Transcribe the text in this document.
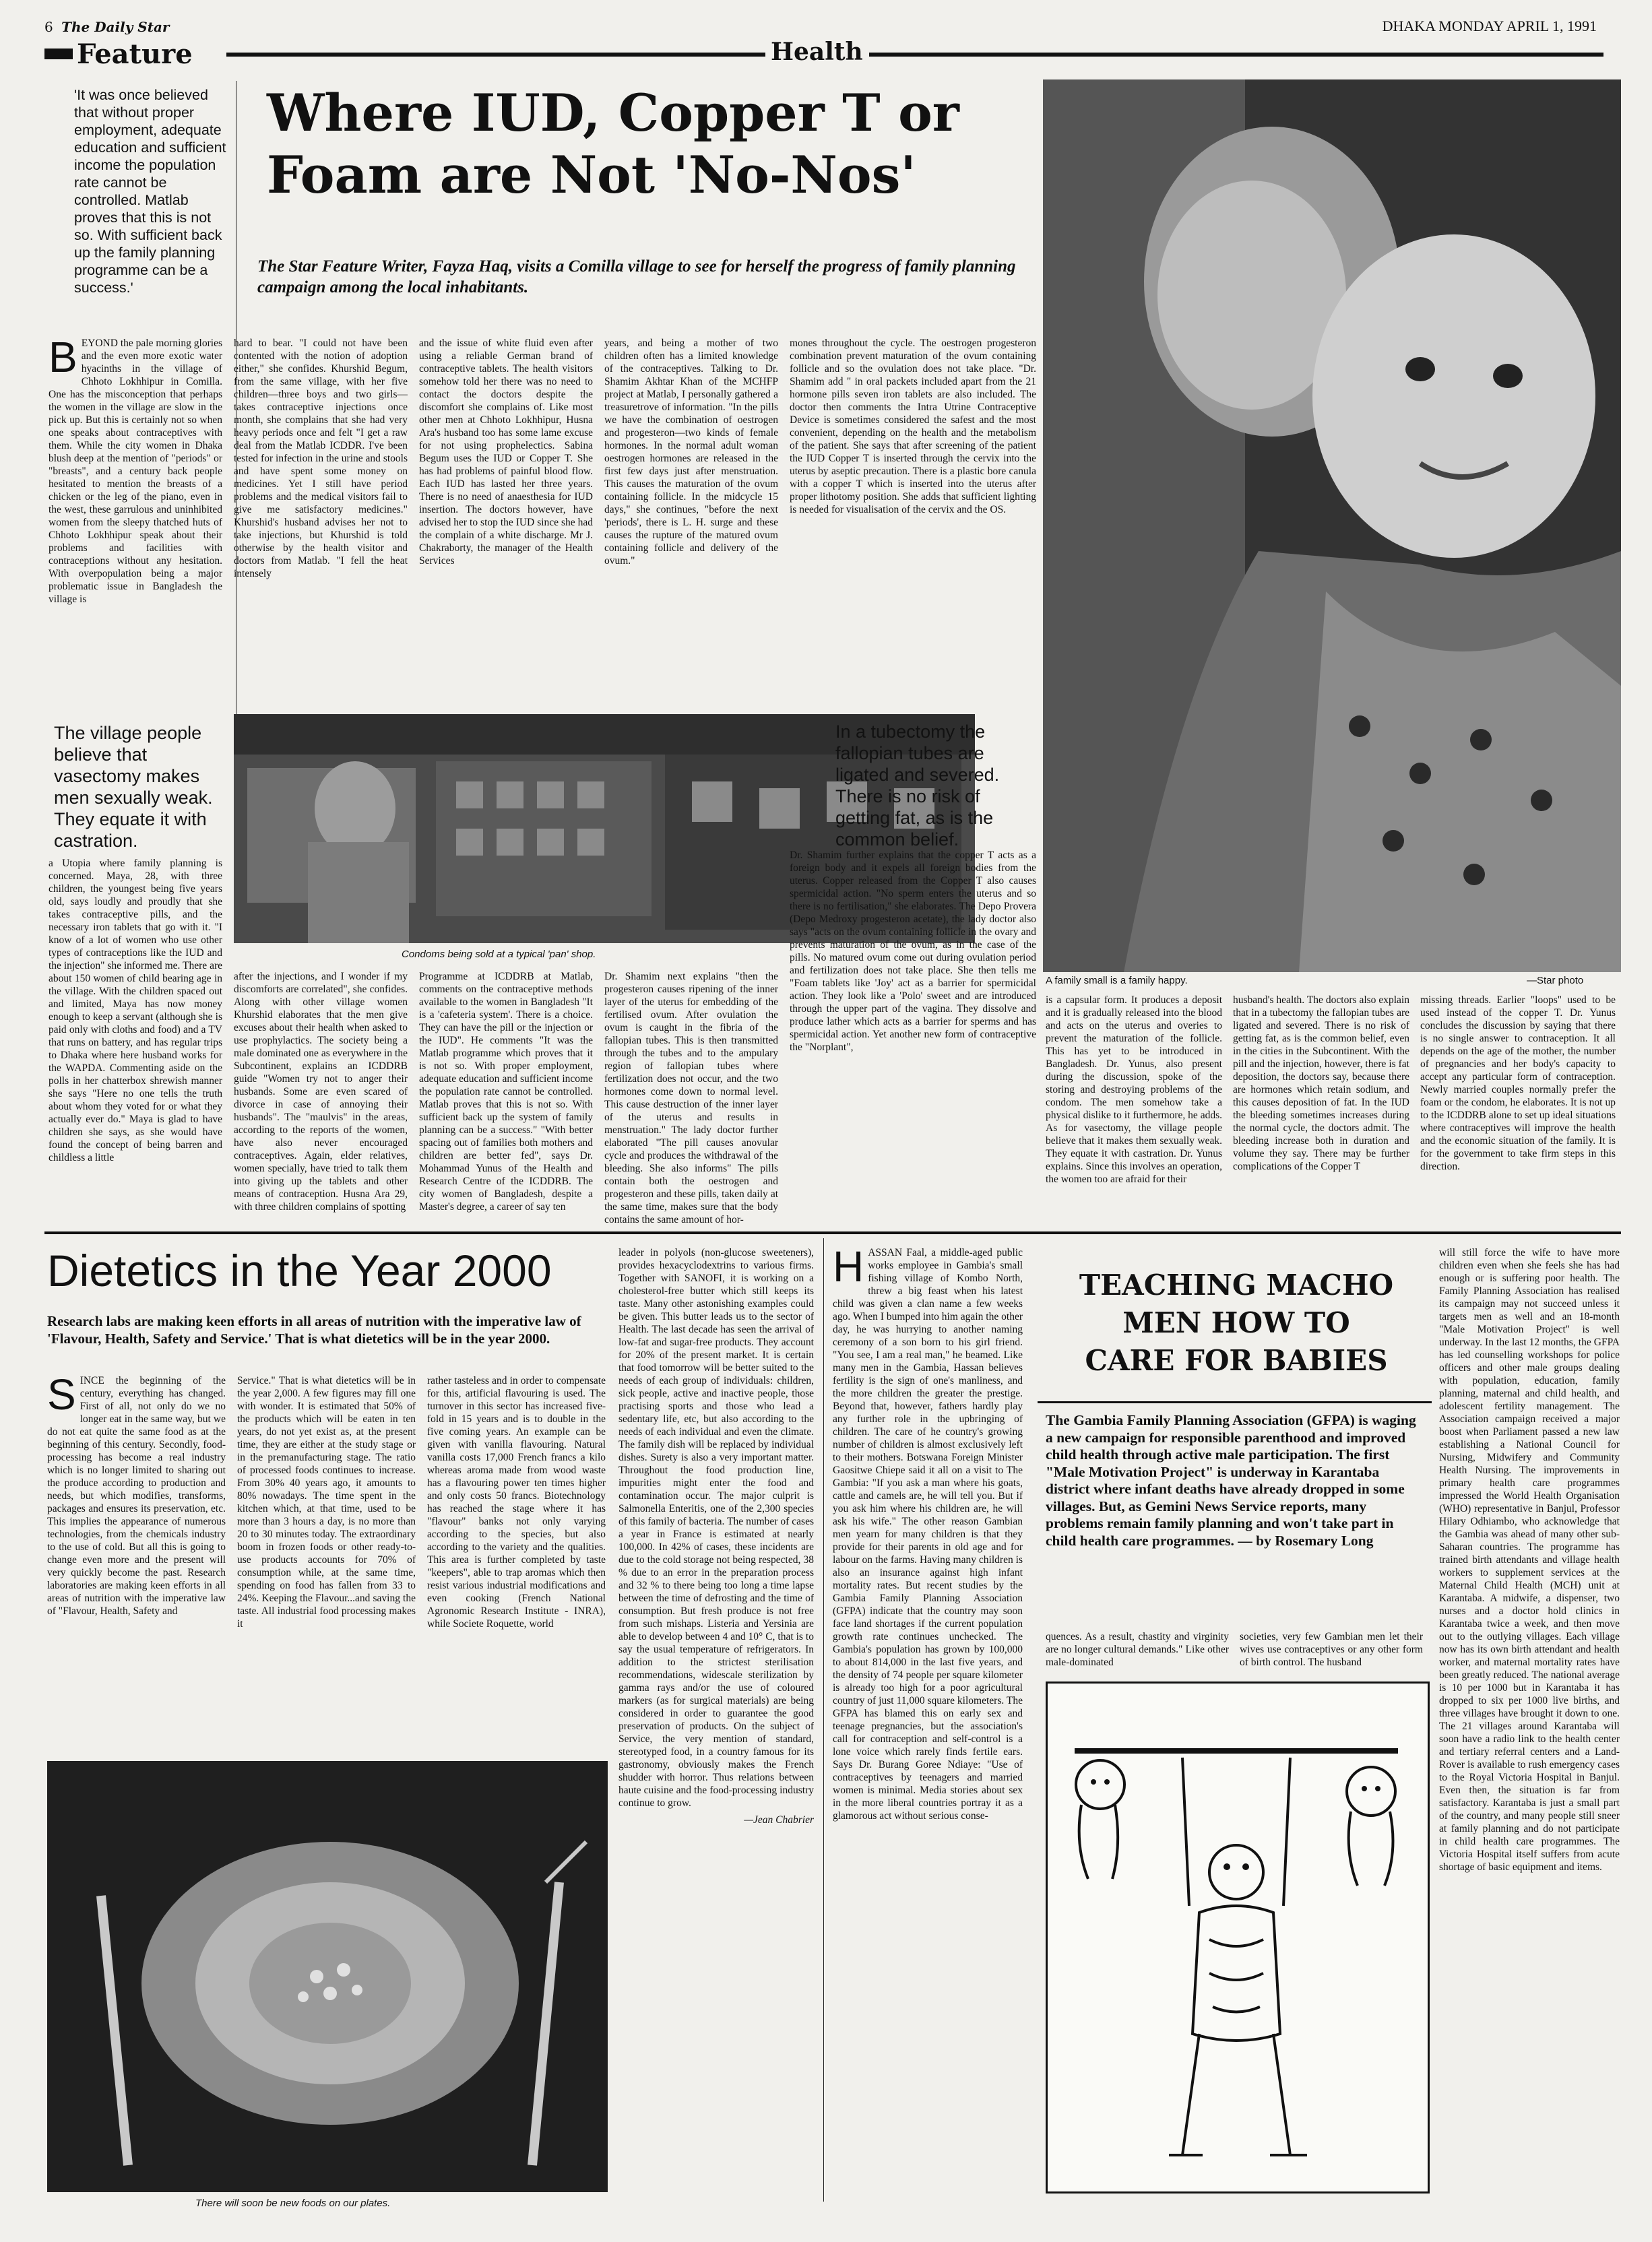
6 The Daily Star	DHAKA MONDAY APRIL 1, 1991
Feature	Health
'It was once believed that without proper employment, adequate education and sufficient income the population rate cannot be controlled. Matlab proves that this is not so. With sufficient back up the family planning programme can be a success.'
Where IUD, Copper T or
Foam are Not 'No-Nos'
The Star Feature Writer, Fayza Haq, visits a Comilla village to see for herself the progress of family planning campaign among the local inhabitants.
A family small is a family happy.	—Star photo
B EYOND the pale morning glories and the even more exotic water hyacinths in the village of Chhoto Lokhhipur in Comilla. One has the misconception that perhaps the women in the village are slow in the pick up. But this is certainly not so when one speaks about contraceptives with them. While the city women in Dhaka blush deep at the mention of "periods" or "breasts", and a century back people hesitated to mention the breasts of a chicken or the leg of the piano, even in the west, these garrulous and uninhibited women from the sleepy thatched huts of Chhoto Lokhhipur speak about their problems and facilities with contraceptions without any hesitation. With overpopulation being a major problematic issue in Bangladesh the village is
hard to bear. "I could not have been contented with the notion of adoption either," she confides. Khurshid Begum, from the same village, with her five children—three boys and two girls—takes contraceptive injections once month, she complains that she had very heavy periods once and felt "I get a raw deal from the Matlab ICDDR. I've been tested for infection in the urine and stools and have spent some money on medicines. Yet I still have period problems and the medical visitors fail to give me satisfactory medicines." Khurshid's husband advises her not to take injections, but Khurshid is told otherwise by the health visitor and doctors from Matlab. "I fell the heat intensely
and the issue of white fluid even after using a reliable German brand of contraceptive tablets. The health visitors somehow told her there was no need to contact the doctors despite the discomfort she complains of. Like most other men at Chhoto Lokhhipur, Husna Ara's husband too has some lame excuse for not using prophelectics. Sabina Begum uses the IUD or Copper T. She has had problems of painful blood flow. Each IUD has lasted her three years. There is no need of anaesthesia for IUD insertion. The doctors however, have advised her to stop the IUD since she had the complain of a white discharge. Mr J. Chakraborty, the manager of the Health Services
years, and being a mother of two children often has a limited knowledge of the contraceptives. Talking to Dr. Shamim Akhtar Khan of the MCHFP project at Matlab, I personally gathered a treasuretrove of information. "In the pills we have the combination of oestrogen and progesteron—two kinds of female hormones. In the normal adult woman oestrogen hormones are released in the first few days just after menstruation. This causes the maturation of the ovum containing follicle. In the midcycle 15 days," she continues, "before the next 'periods', there is L. H. surge and these causes the rupture of the matured ovum containing follicle and delivery of the ovum."
mones throughout the cycle. The oestrogen progesteron combination prevent maturation of the ovum containing follicle and so the ovulation does not take place. "Dr. Shamim add " in oral packets included apart from the 21 hormone pills seven iron tablets are also included. The doctor then comments the Intra Utrine Contraceptive Device is sometimes considered the safest and the most convenient, depending on the health and the metabolism of the patient. She says that after screening of the patient the IUD Copper T is inserted through the cervix into the uterus by aseptic precaution. There is a plastic bore canula with a copper T which is inserted into the uterus after proper lithotomy position. She adds that sufficient lighting is needed for visualisation of the cervix and the OS.
The village people believe that vasectomy makes men sexually weak. They equate it with castration.
Condoms being sold at a typical 'pan' shop.
In a tubectomy the fallopian tubes are ligated and severed. There is no risk of getting fat, as is the common belief.
a Utopia where family planning is concerned. Maya, 28, with three children, the youngest being five years old, says loudly and proudly that she takes contraceptive pills, and the necessary iron tablets that go with it. "I know of a lot of women who use other types of contraceptions like the IUD and the injection" she informed me. There are about 150 women of child bearing age in the village. With the children spaced out and limited, Maya has now money enough to keep a servant (although she is paid only with cloths and food) and a TV that runs on battery, and has regular trips to Dhaka where here husband works for the WAPDA. Commenting aside on the polls in her chatterbox shrewish manner she says "Here no one tells the truth about whom they voted for or what they actually ever do." Maya is glad to have children she says, as she would have found the concept of being barren and childless a little
after the injections, and I wonder if my discomforts are correlated", she confides. Along with other village women Khurshid elaborates that the men give excuses about their health when asked to use prophylactics. The society being a male dominated one as everywhere in the Subcontinent, explains an ICDDRB guide "Women try not to anger their husbands. Some are even scared of divorce in case of annoying their husbands". The "maulvis" in the areas, according to the reports of the women, have also never encouraged contraceptives. Again, elder relatives, women specially, have tried to talk them into giving up the tablets and other means of contraception. Husna Ara 29, with three children complains of spotting
Programme at ICDDRB at Matlab, comments on the contraceptive methods available to the women in Bangladesh "It is a 'cafeteria system'. There is a choice. They can have the pill or the injection or the IUD". He comments "It was the Matlab programme which proves that it is not so. With proper employment, adequate education and sufficient income the population rate cannot be controlled. Matlab proves that this is not so. With sufficient back up the system of family planning can be a success." "With better spacing out of families both mothers and children are better fed", says Dr. Mohammad Yunus of the Health and Research Centre of the ICDDRB. The city women of Bangladesh, despite a Master's degree, a career of say ten
Dr. Shamim next explains "then the progesteron causes ripening of the inner layer of the uterus for embedding of the fertilised ovum. After ovulation the ovum is caught in the fibria of the fallopian tubes. This is then transmitted through the tubes and to the ampulary region of fallopian tubes where fertilization does not occur, and the two hormones come down to normal level. This cause destruction of the inner layer of the uterus and results in menstruation." The lady doctor further elaborated "The pill causes anovular cycle and produces the withdrawal of the bleeding. She also informs" The pills contain both the oestrogen and progesteron and these pills, taken daily at the same time, makes sure that the body contains the same amount of hor-
Dr. Shamim further explains that the copper T acts as a foreign body and it expels all foreign bodies from the uterus. Copper released from the Copper T also causes spermicidal action. "No sperm enters the uterus and so there is no fertilisation," she elaborates. The Depo Provera (Depo Medroxy progesteron acetate), the lady doctor also says "acts on the ovum containing follicle in the ovary and prevents maturation of the ovum, as in the case of the pills. No matured ovum come out during ovulation period and fertilization does not take place. She then tells me "Foam tablets like 'Joy' act as a barrier for spermicidal action. They look like a 'Polo' sweet and are introduced through the upper part of the vagina. They dissolve and produce lather which acts as a barrier for sperms and has spermicidal action. Yet another new form of contraceptive the "Norplant",
is a capsular form. It produces a deposit and it is gradually released into the blood and acts on the uterus and overies to prevent the maturation of the follicle. This has yet to be introduced in Bangladesh. Dr. Yunus, also present during the discussion, spoke of the storing and destroying problems of the condom. The men somehow take a physical dislike to it furthermore, he adds. As for vasectomy, the village people believe that it makes them sexually weak. They equate it with castration. Dr. Yunus explains. Since this involves an operation, the women too are afraid for their
husband's health. The doctors also explain that in a tubectomy the fallopian tubes are ligated and severed. There is no risk of getting fat, as is the common belief, even in the cities in the Subcontinent. With the pill and the injection, however, there is fat deposition, the doctors say, because there are hormones which retain sodium, and this causes deposition of fat. In the IUD the bleeding sometimes increases during the normal cycle, the doctors admit. The bleeding increase both in duration and volume they say. There may be further complications of the Copper T
missing threads. Earlier "loops" used to be used instead of the copper T. Dr. Yunus concludes the discussion by saying that there is no single answer to contraception. It all depends on the age of the mother, the number of pregnancies and her body's capacity to accept any particular form of contraception. Newly married couples normally prefer the foam or the condom, he elaborates. It is not up to the ICDDRB alone to set up ideal situations where contraceptives will improve the health and the economic situation of the family. It is for the government to take firm steps in this direction.
Dietetics in the Year 2000
Research labs are making keen efforts in all areas of nutrition with the imperative law of 'Flavour, Health, Safety and Service.' That is what dietetics will be in the year 2000.
S INCE the beginning of the century, everything has changed. First of all, not only do we no longer eat in the same way, but we do not eat quite the same food as at the beginning of this century. Secondly, food-processing has become a real industry which is no longer limited to sharing out the produce according to production and needs, but which modifies, transforms, packages and ensures its preservation, etc. This implies the appearance of numerous technologies, from the chemicals industry to the use of cold. But all this is going to change even more and the present will very quickly become the past. Research laboratories are making keen efforts in all areas of nutrition with the imperative law of "Flavour, Health, Safety and
Service." That is what dietetics will be in the year 2,000. A few figures may fill one with wonder. It is estimated that 50% of the products which will be eaten in ten years, do not yet exist as, at the present time, they are either at the study stage or in the premanufacturing stage. The ratio of processed foods continues to increase. From 30% 40 years ago, it amounts to 80% nowadays. The time spent in the kitchen which, at that time, used to be more than 3 hours a day, is no more than 20 to 30 minutes today. The extraordinary boom in frozen foods or other ready-to-use products accounts for 70% of consumption while, at the same time, spending on food has fallen from 33 to 24%. Keeping the Flavour...and saving the taste. All industrial food processing makes it
rather tasteless and in order to compensate for this, artificial flavouring is used. The turnover in this sector has increased five-fold in 15 years and is to double in the five coming years. An example can be given with vanilla flavouring. Natural vanilla costs 17,000 French francs a kilo whereas aroma made from wood waste has a flavouring power ten times higher and only costs 50 francs. Biotechnology has reached the stage where it has "flavour" banks not only varying according to the species, but also according to the variety and the qualities. This area is further completed by taste "keepers", able to trap aromas which then resist various industrial modifications and even cooking (French National Agronomic Research Institute - INRA), while Societe Roquette, world
leader in polyols (non-glucose sweeteners), provides hexacyclodextrins to various firms. Together with SANOFI, it is working on a cholesterol-free butter which still keeps its taste. Many other astonishing examples could be given. This butter leads us to the sector of Health. The last decade has seen the arrival of low-fat and sugar-free products. They account for 20% of the present market. It is certain that food tomorrow will be better suited to the needs of each group of individuals: children, sick people, active and inactive people, those practising sports and those who lead a sedentary life, etc, but also according to the needs of each individual and even the climate. The family dish will be replaced by individual dishes. Surety is also a very important matter. Throughout the food production line, impurities might enter the food and contamination occur. The major culprit is Salmonella Enteritis, one of the 2,300 species of this family of bacteria. The number of cases a year in France is estimated at nearly 100,000. In 42% of cases, these incidents are due to the cold storage not being respected, 38 % due to an error in the preparation process and 32 % to there being too long a time lapse between the time of defrosting and the time of consumption. But fresh produce is not free from such mishaps. Listeria and Yersinia are able to develop between 4 and 10° C, that is to say the usual temperature of refrigerators. In addition to the strictest sterilisation recommendations, widescale sterilization by gamma rays and/or the use of coloured markers (as for surgical materials) are being considered in order to guarantee the good preservation of products. On the subject of Service, the very mention of standard, stereotyped food, in a country famous for its gastronomy, obviously makes the French shudder with horror. Thus relations between haute cuisine and the food-processing industry continue to grow.
—Jean Chabrier
There will soon be new foods on our plates.
H ASSAN Faal, a middle-aged public works employee in Gambia's small fishing village of Kombo North, threw a big feast when his latest child was given a clan name a few weeks ago. When I bumped into him again the other day, he was hurrying to another naming ceremony of a son born to his girl friend. "You see, I am a real man," he beamed. Like many men in the Gambia, Hassan believes fertility is the sign of one's manliness, and the more children the greater the prestige. Beyond that, however, fathers hardly play any further role in the upbringing of children. The care of he country's growing number of children is almost exclusively left to their mothers. Botswana Foreign Minister Gaositwe Chiepe said it all on a visit to The Gambia: "If you ask a man where his goats, cattle and camels are, he will tell you. But if you ask him where his children are, he will ask his wife." The other reason Gambian men yearn for many children is that they provide for their parents in old age and for labour on the farms. Having many children is also an insurance against high infant mortality rates. But recent studies by the Gambia Family Planning Association (GFPA) indicate that the country may soon face land shortages if the current population growth rate continues unchecked. The Gambia's population has grown by 100,000 to about 814,000 in the last five years, and the density of 74 people per square kilometer is already too high for a poor agricultural country of just 11,000 square kilometers. The GFPA has blamed this on early sex and teenage pregnancies, but the association's call for contraception and self-control is a lone voice which rarely finds fertile ears. Says Dr. Burang Goree Ndiaye: "Use of contraceptives by teenagers and married women is minimal. Media stories about sex in the more liberal countries portray it as a glamorous act without serious conse-
TEACHING MACHO
MEN HOW TO
CARE FOR BABIES
The Gambia Family Planning Association (GFPA) is waging a new campaign for responsible parenthood and improved child health through active male participation. The first "Male Motivation Project" is underway in Karantaba district where infant deaths have already dropped in some villages. But, as Gemini News Service reports, many problems remain family planning and won't take part in child health care programmes. — by Rosemary Long
quences. As a result, chastity and virginity are no longer cultural demands." Like other male-dominated
societies, very few Gambian men let their wives use contraceptives or any other form of birth control. The husband
will still force the wife to have more children even when she feels she has had enough or is suffering poor health. The Family Planning Association has realised its campaign may not succeed unless it targets men as well and an 18-month "Male Motivation Project" is well underway. In the last 12 months, the GFPA has led counselling workshops for police officers and other male groups dealing with population, education, family planning, maternal and child health, and adolescent fertility management. The Association campaign received a major boost when Parliament passed a new law establishing a National Council for Nursing, Midwifery and Community Health Nursing. The improvements in primary health care programmes impressed the World Health Organisation (WHO) representative in Banjul, Professor Hilary Odhiambo, who acknowledge that the Gambia was ahead of many other sub-Saharan countries. The programme has trained birth attendants and village health workers to supplement services at the Maternal Child Health (MCH) unit at Karantaba. A midwife, a dispenser, two nurses and a doctor hold clinics in Karantaba twice a week, and then move out to the outlying villages. Each village now has its own birth attendant and health worker, and maternal mortality rates have been greatly reduced. The national average is 10 per 1000 but in Karantaba it has dropped to six per 1000 live births, and three villages have brought it down to one. The 21 villages around Karantaba will soon have a radio link to the health center and tertiary referral centers and a Land-Rover is available to rush emergency cases to the Royal Victoria Hospital in Banjul. Even then, the situation is far from satisfactory. Karantaba is just a small part of the country, and many people still sneer at family planning and do not participate in child health care programmes. The Victoria Hospital itself suffers from acute shortage of basic equipment and items.
